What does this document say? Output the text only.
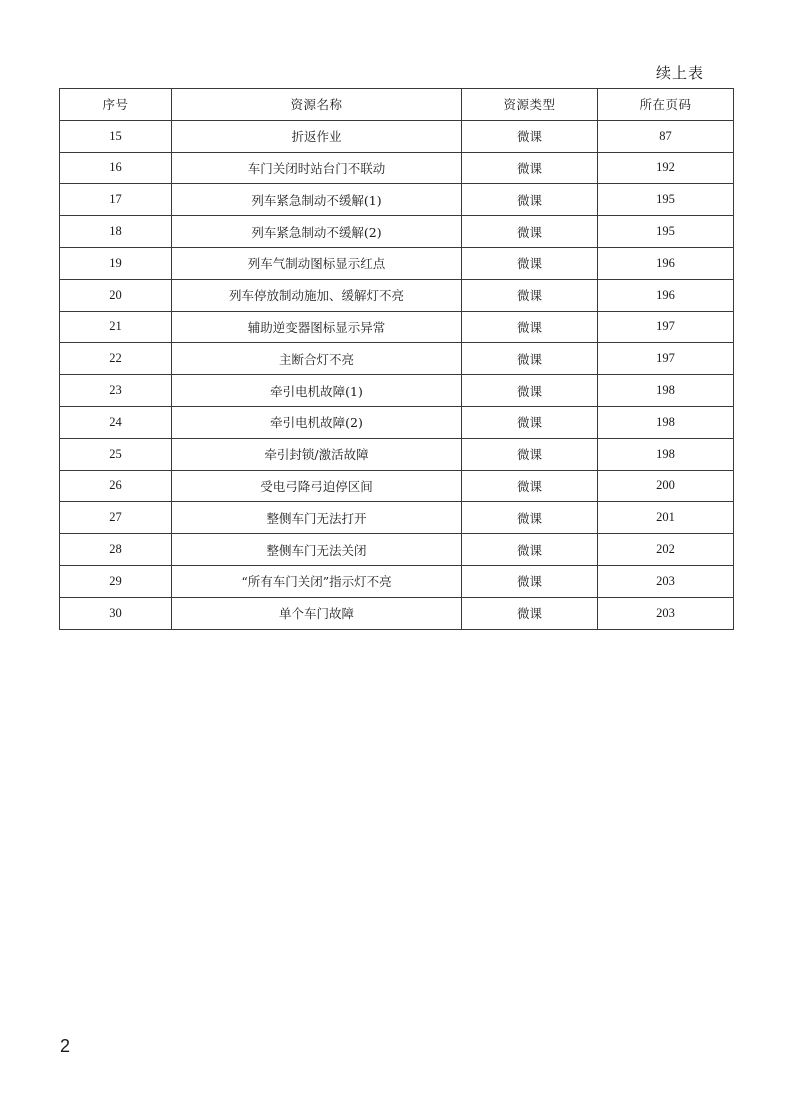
续上表
序号	资源名称	资源类型	所在页码
15	折返作业	微课	87
16	车门关闭时站台门不联动	微课	192
17	列车紧急制动不缓解(1)	微课	195
18	列车紧急制动不缓解(2)	微课	195
19	列车气制动图标显示红点	微课	196
20	列车停放制动施加、缓解灯不亮	微课	196
21	辅助逆变器图标显示异常	微课	197
22	主断合灯不亮	微课	197
23	牵引电机故障(1)	微课	198
24	牵引电机故障(2)	微课	198
25	牵引封锁/激活故障	微课	198
26	受电弓降弓迫停区间	微课	200
27	整侧车门无法打开	微课	201
28	整侧车门无法关闭	微课	202
29	“所有车门关闭”指示灯不亮	微课	203
30	单个车门故障	微课	203
2
